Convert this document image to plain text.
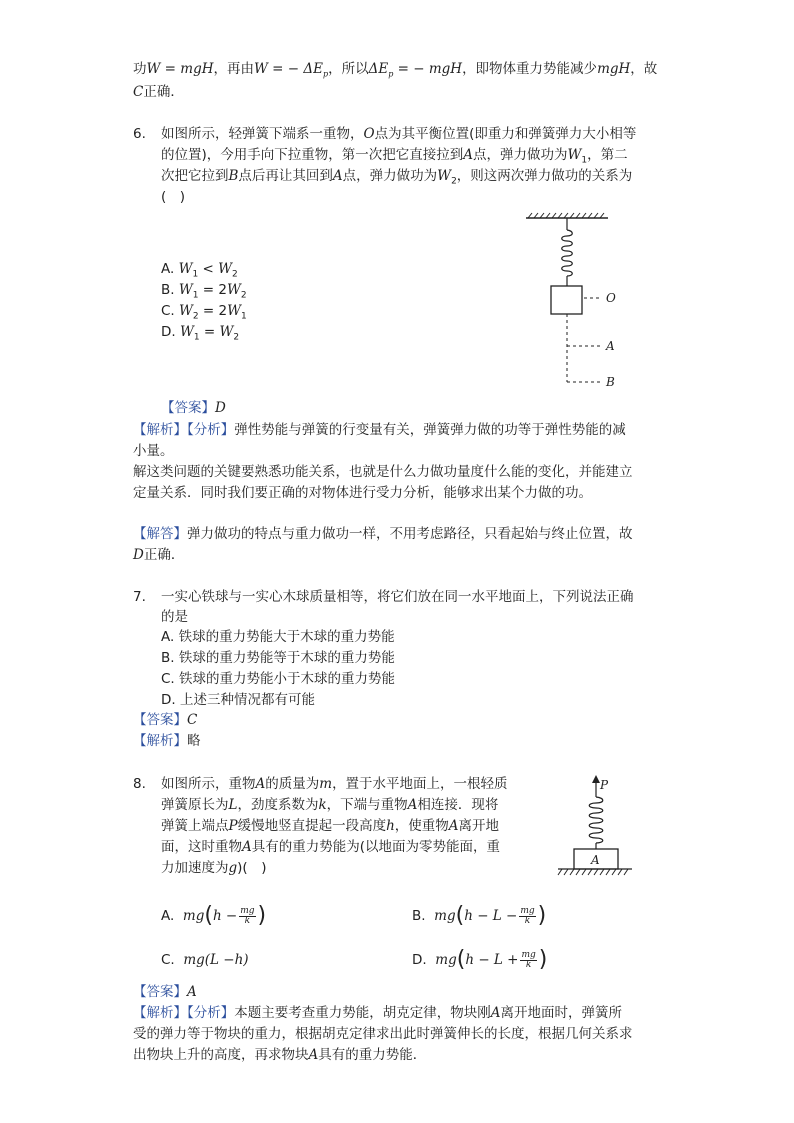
功W = mgH，再由W = − $\Delta E_p$，所以$\Delta E_p$ = − mgH，即物体重力势能减少mgH，故
C正确．
6. 如图所示，轻弹簧下端系一重物，O点为其平衡位置(即重力和弹簧弹力大小相等
的位置)，今用手向下拉重物，第一次把它直接拉到A点，弹力做功为$W_1$，第二
次把它拉到B点后再让其回到A点，弹力做功为$W_2$，则这两次弹力做功的关系为
(　)
A. $W_1 < W_2$
B. $W_1 = 2W_2$
C. $W_2 = 2W_1$
D. $W_1 = W_2$
O
A
B
【答案】D
【解析】【分析】弹性势能与弹簧的行变量有关，弹簧弹力做的功等于弹性势能的减
小量。
解这类问题的关键要熟悉功能关系，也就是什么力做功量度什么能的变化，并能建立
定量关系．同时我们要正确的对物体进行受力分析，能够求出某个力做的功。
【解答】弹力做功的特点与重力做功一样，不用考虑路径，只看起始与终止位置，故
D正确．
7. 一实心铁球与一实心木球质量相等，将它们放在同一水平地面上，下列说法正确
的是
A. 铁球的重力势能大于木球的重力势能
B. 铁球的重力势能等于木球的重力势能
C. 铁球的重力势能小于木球的重力势能
D. 上述三种情况都有可能
【答案】C
【解析】略
8. 如图所示，重物A的质量为m，置于水平地面上，一根轻质
弹簧原长为L，劲度系数为k，下端与重物A相连接．现将
弹簧上端点P缓慢地竖直提起一段高度h，使重物A离开地
面，这时重物A具有的重力势能为(以地面为零势能面，重
力加速度为g)(　)
P
A
A. $mg(h - \frac{mg}{k}$ )	B. $mg(h - L - \frac{mg}{k}$ )
C. mg(L −h)	D. $mg(h - L + \frac{mg}{k}$ )
【答案】A
【解析】【分析】本题主要考查重力势能，胡克定律，物块刚A离开地面时，弹簧所
受的弹力等于物块的重力，根据胡克定律求出此时弹簧伸长的长度，根据几何关系求
出物块上升的高度，再求物块A具有的重力势能．
